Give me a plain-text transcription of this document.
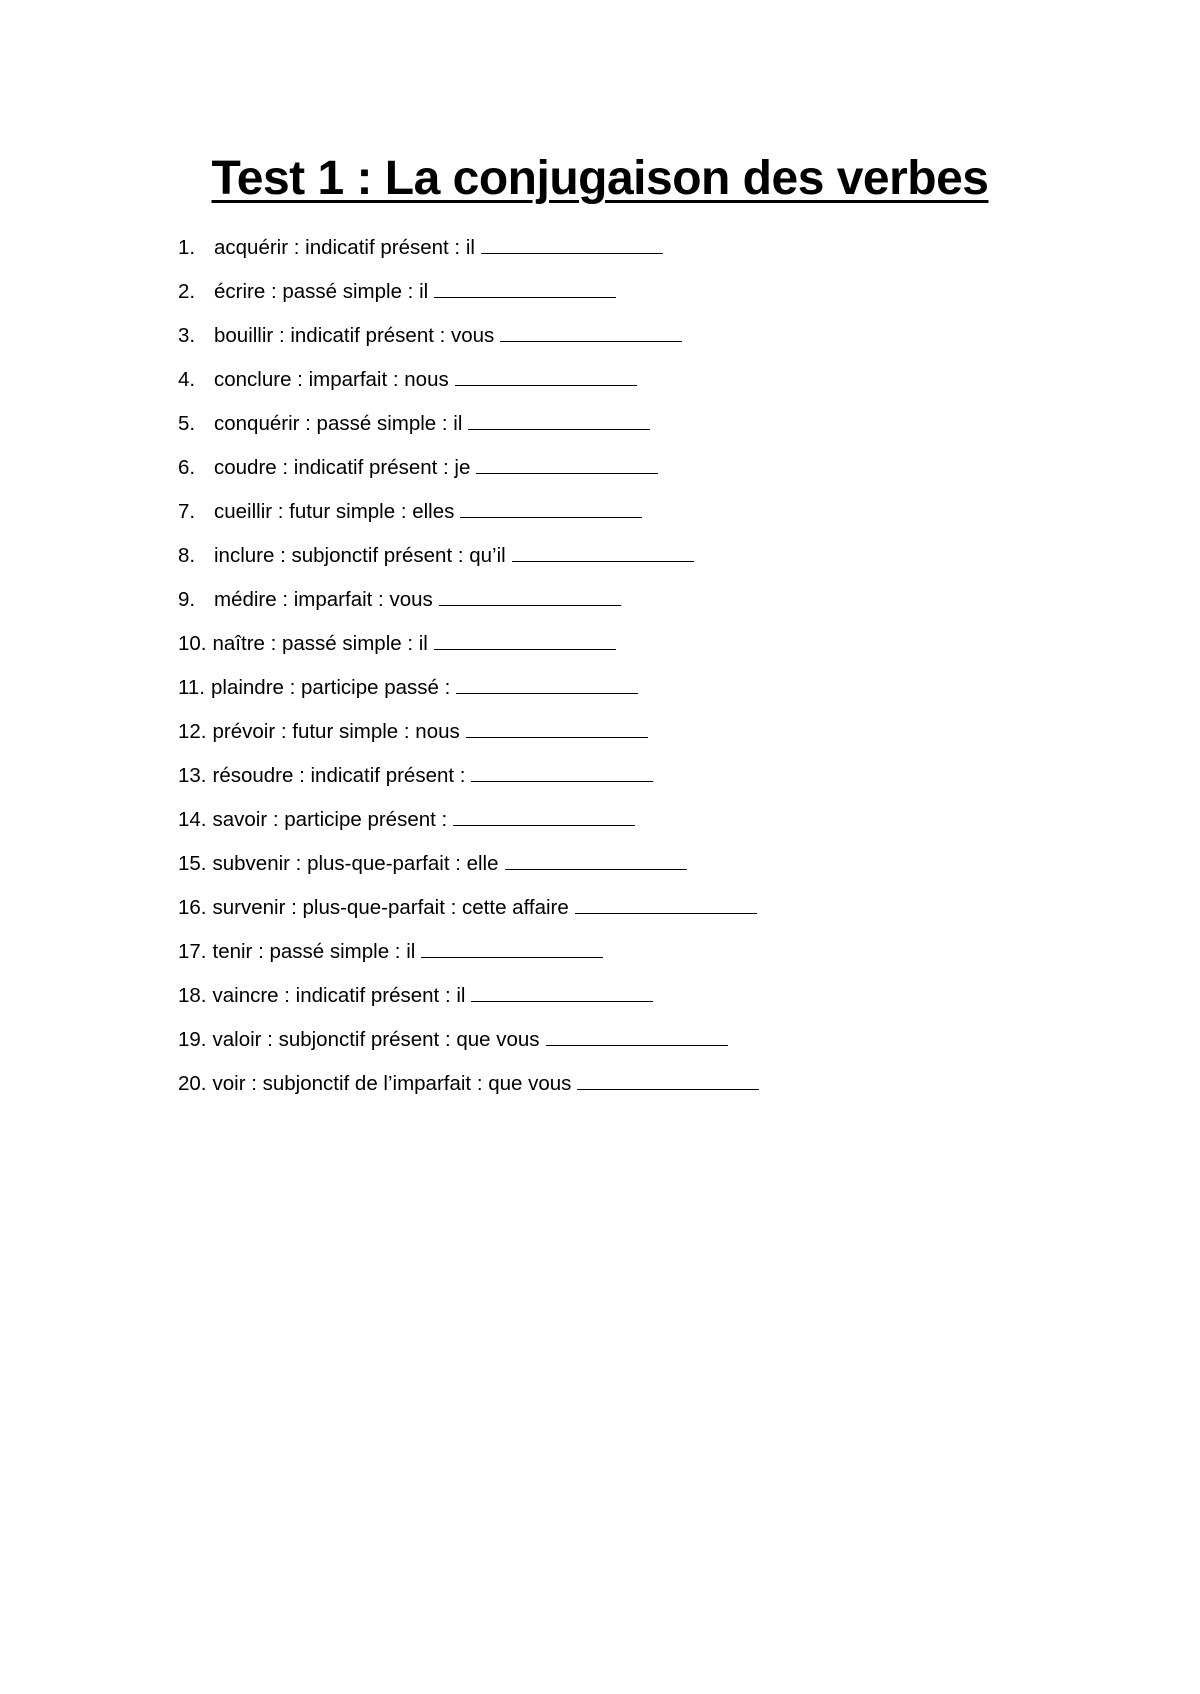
Test 1 : La conjugaison des verbes
1. acquérir : indicatif présent : il
2. écrire : passé simple : il
3. bouillir : indicatif présent : vous
4. conclure : imparfait : nous
5. conquérir : passé simple : il
6. coudre : indicatif présent : je
7. cueillir : futur simple : elles
8. inclure : subjonctif présent : qu’il
9. médire : imparfait : vous
10. naître : passé simple : il
11. plaindre : participe passé :
12. prévoir : futur simple : nous
13. résoudre : indicatif présent :
14. savoir : participe présent :
15. subvenir : plus-que-parfait : elle
16. survenir : plus-que-parfait : cette affaire
17. tenir : passé simple : il
18. vaincre : indicatif présent : il
19. valoir : subjonctif présent : que vous
20. voir : subjonctif de l’imparfait : que vous
